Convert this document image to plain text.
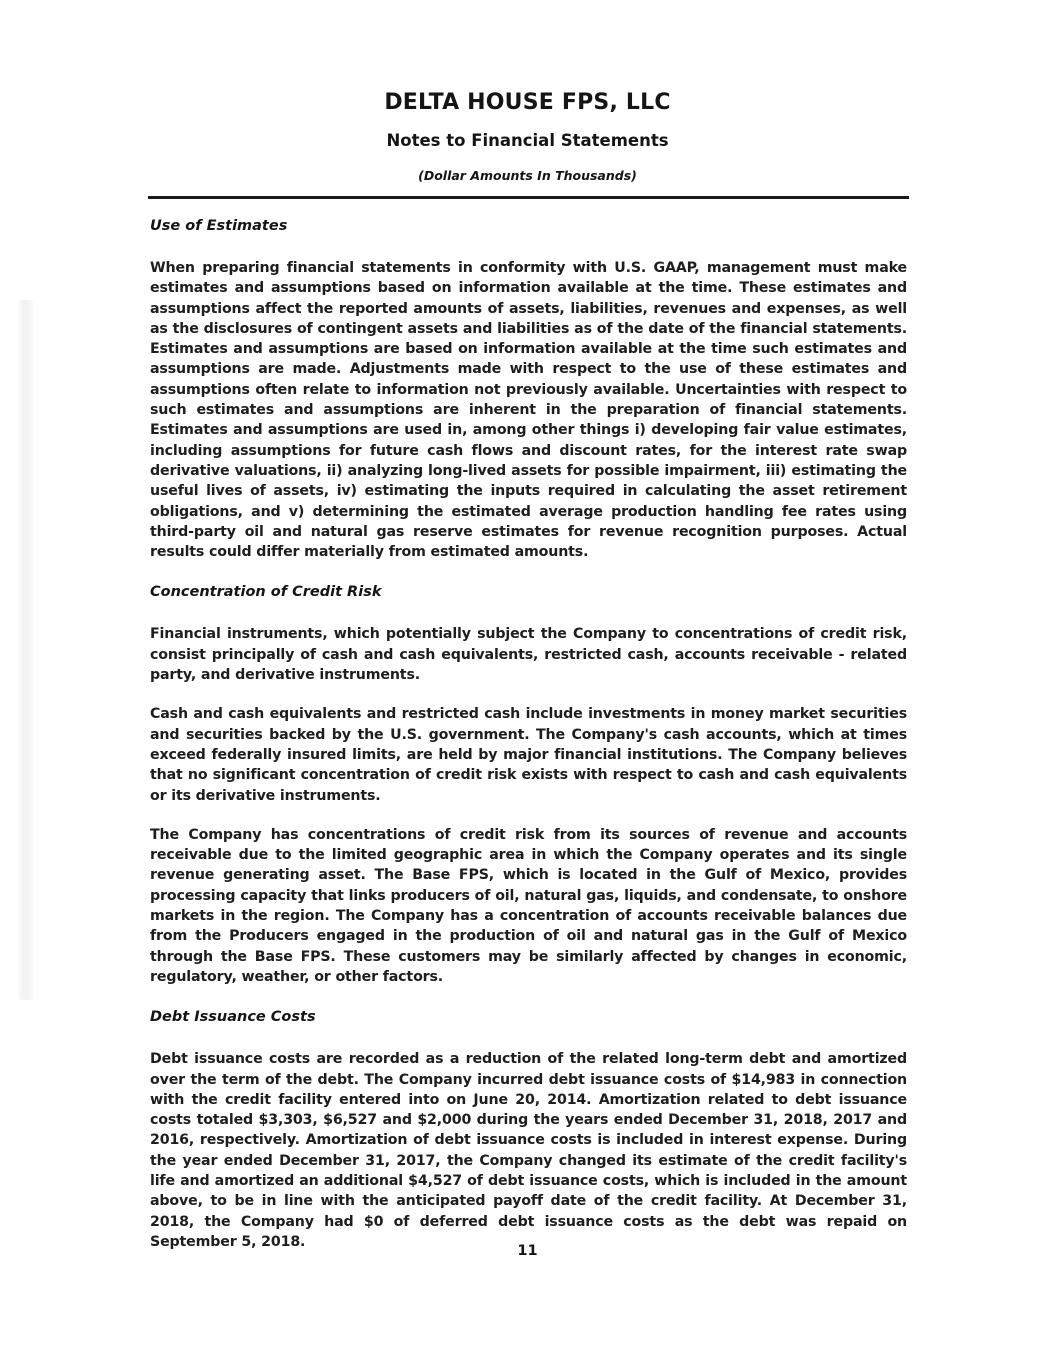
DELTA HOUSE FPS, LLC
Notes to Financial Statements
(Dollar Amounts In Thousands)
Use of Estimates

When preparing financial statements in conformity with U.S. GAAP, management must make estimates and assumptions based on information available at the time. These estimates and assumptions affect the reported amounts of assets, liabilities, revenues and expenses, as well as the disclosures of contingent assets and liabilities as of the date of the financial statements. Estimates and assumptions are based on information available at the time such estimates and assumptions are made. Adjustments made with respect to the use of these estimates and assumptions often relate to information not previously available. Uncertainties with respect to such estimates and assumptions are inherent in the preparation of financial statements. Estimates and assumptions are used in, among other things i) developing fair value estimates, including assumptions for future cash flows and discount rates, for the interest rate swap derivative valuations, ii) analyzing long-lived assets for possible impairment, iii) estimating the useful lives of assets, iv) estimating the inputs required in calculating the asset retirement obligations, and v) determining the estimated average production handling fee rates using third-party oil and natural gas reserve estimates for revenue recognition purposes. Actual results could differ materially from estimated amounts.

Concentration of Credit Risk

Financial instruments, which potentially subject the Company to concentrations of credit risk, consist principally of cash and cash equivalents, restricted cash, accounts receivable - related party, and derivative instruments.

Cash and cash equivalents and restricted cash include investments in money market securities and securities backed by the U.S. government. The Company's cash accounts, which at times exceed federally insured limits, are held by major financial institutions. The Company believes that no significant concentration of credit risk exists with respect to cash and cash equivalents or its derivative instruments.

The Company has concentrations of credit risk from its sources of revenue and accounts receivable due to the limited geographic area in which the Company operates and its single revenue generating asset. The Base FPS, which is located in the Gulf of Mexico, provides processing capacity that links producers of oil, natural gas, liquids, and condensate, to onshore markets in the region. The Company has a concentration of accounts receivable balances due from the Producers engaged in the production of oil and natural gas in the Gulf of Mexico through the Base FPS. These customers may be similarly affected by changes in economic, regulatory, weather, or other factors.

Debt Issuance Costs

Debt issuance costs are recorded as a reduction of the related long-term debt and amortized over the term of the debt. The Company incurred debt issuance costs of $14,983 in connection with the credit facility entered into on June 20, 2014. Amortization related to debt issuance costs totaled $3,303, $6,527 and $2,000 during the years ended December 31, 2018, 2017 and 2016, respectively. Amortization of debt issuance costs is included in interest expense. During the year ended December 31, 2017, the Company changed its estimate of the credit facility's life and amortized an additional $4,527 of debt issuance costs, which is included in the amount above, to be in line with the anticipated payoff date of the credit facility. At December 31, 2018, the Company had $0 of deferred debt issuance costs as the debt was repaid on September 5, 2018.

11
